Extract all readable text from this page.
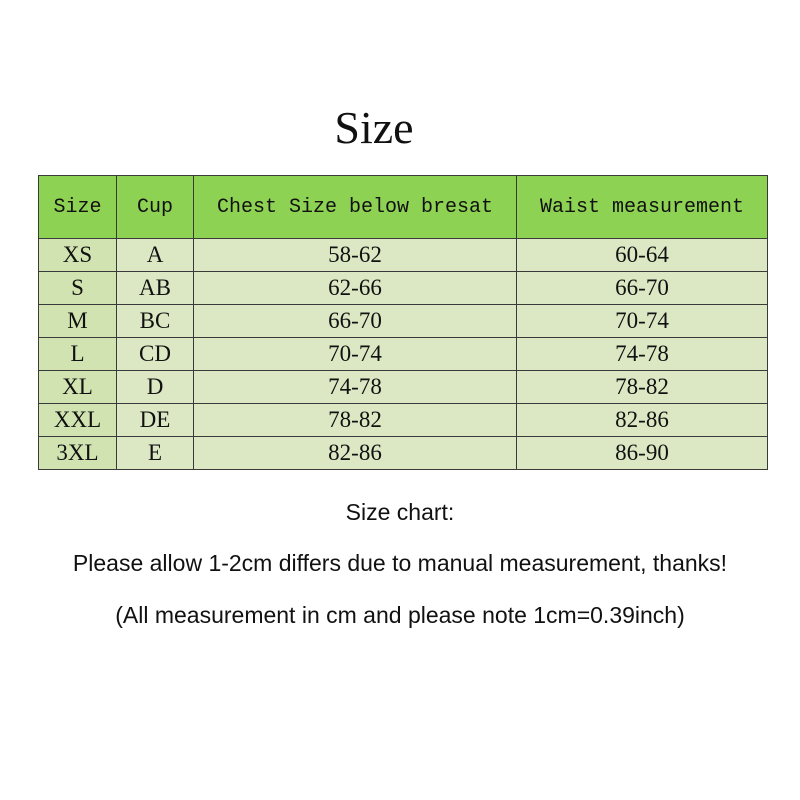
Size
Size	Cup	Chest Size below bresat	Waist measurement
XS	A	58-62	60-64
S	AB	62-66	66-70
M	BC	66-70	70-74
L	CD	70-74	74-78
XL	D	74-78	78-82
XXL	DE	78-82	82-86
3XL	E	82-86	86-90
Size chart:
Please allow 1-2cm differs due to manual measurement, thanks!
(All measurement in cm and please note 1cm=0.39inch)
